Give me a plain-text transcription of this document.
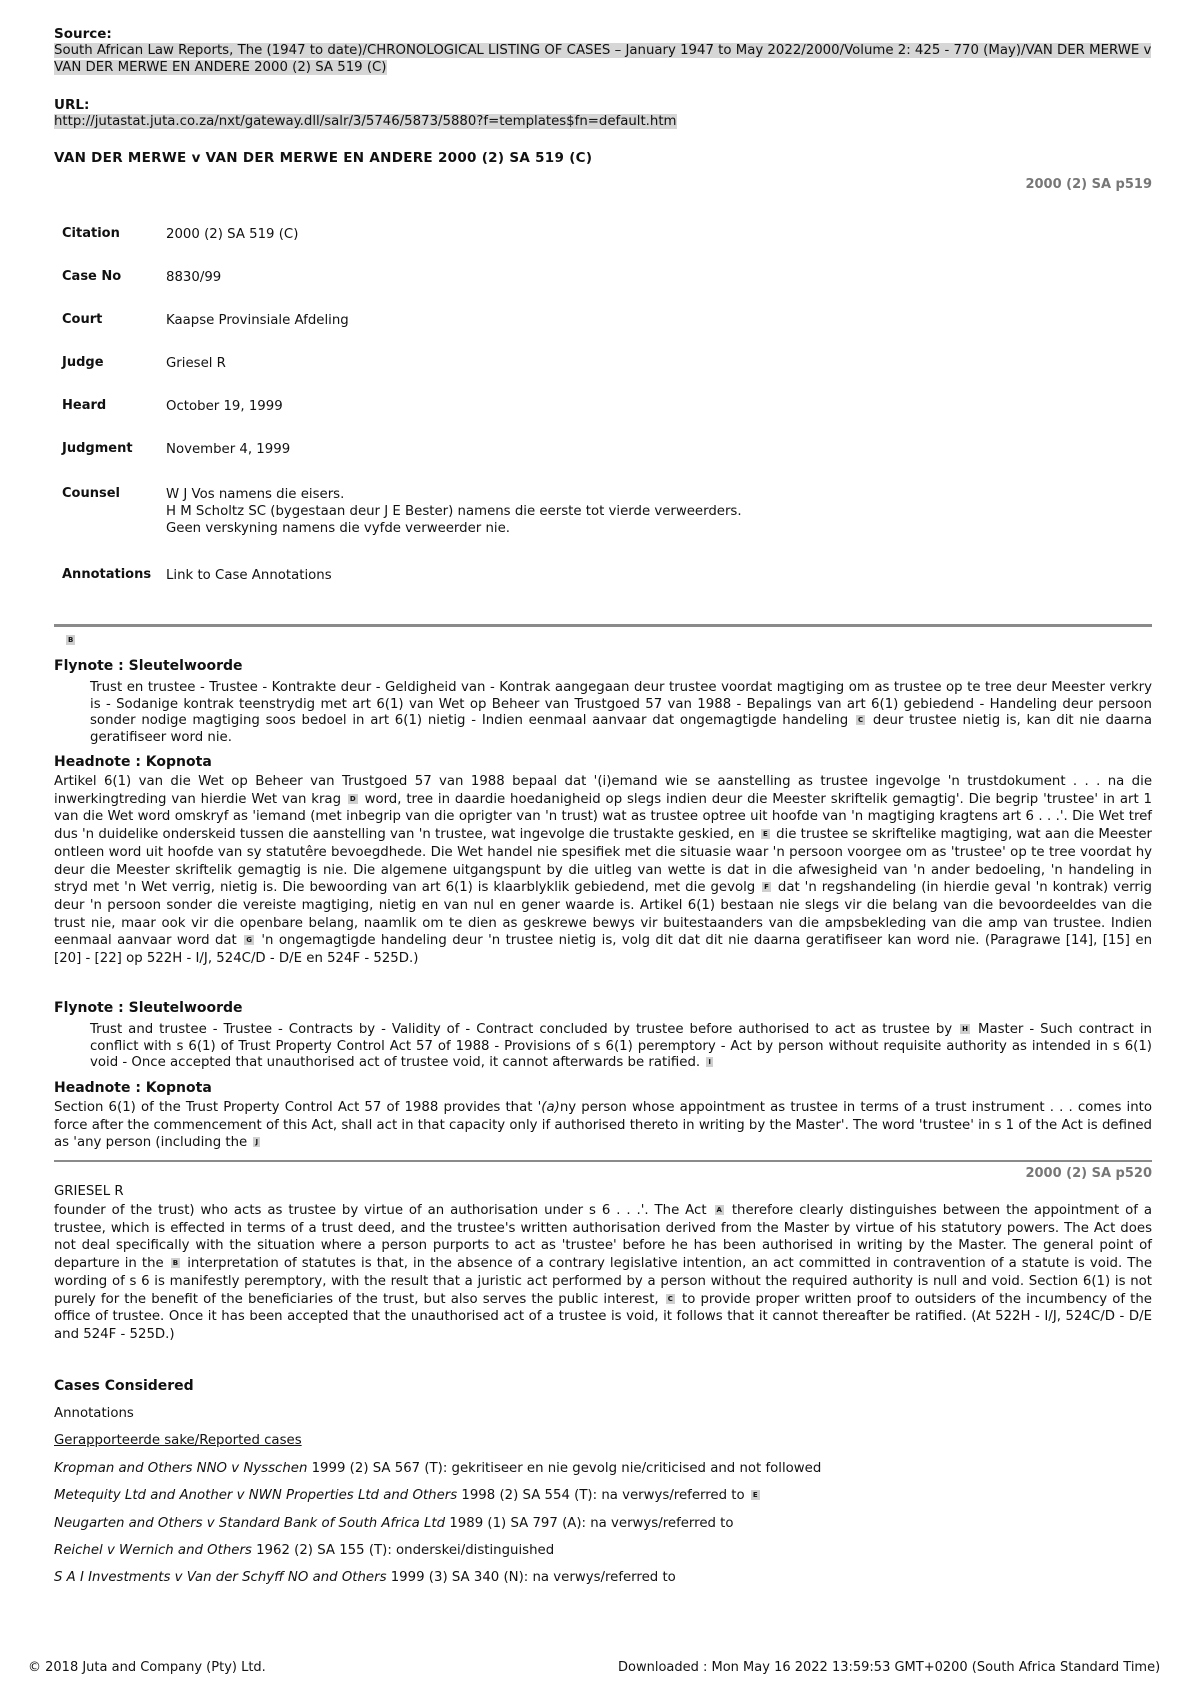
Source:
South African Law Reports, The (1947 to date)/CHRONOLOGICAL LISTING OF CASES – January 1947 to May 2022/2000/Volume 2: 425 - 770 (May)/VAN DER MERWE v VAN DER MERWE EN ANDERE 2000 (2) SA 519 (C)
URL:
http://jutastat.juta.co.za/nxt/gateway.dll/salr/3/5746/5873/5880?f=templates$fn=default.htm
VAN DER MERWE v VAN DER MERWE EN ANDERE 2000 (2) SA 519 (C)
2000 (2) SA p519
Citation	2000 (2) SA 519 (C)
Case No	8830/99
Court	Kaapse Provinsiale Afdeling
Judge	Griesel R
Heard	October 19, 1999
Judgment	November 4, 1999
Counsel	W J Vos namens die eisers.
H M Scholtz SC (bygestaan deur J E Bester) namens die eerste tot vierde verweerders.
Geen verskyning namens die vyfde verweerder nie.
Annotations Link to Case Annotations
B
Flynote : Sleutelwoorde
Trust en trustee - Trustee - Kontrakte deur - Geldigheid van - Kontrak aangegaan deur trustee voordat magtiging om as trustee op te tree deur Meester verkry is - Sodanige kontrak teenstrydig met art 6(1) van Wet op Beheer van Trustgoed 57 van 1988 - Bepalings van art 6(1) gebiedend - Handeling deur persoon sonder nodige magtiging soos bedoel in art 6(1) nietig - Indien eenmaal aanvaar dat ongemagtigde handeling C deur trustee nietig is, kan dit nie daarna geratifiseer word nie.
Headnote : Kopnota
Artikel 6(1) van die Wet op Beheer van Trustgoed 57 van 1988 bepaal dat '(i)emand wie se aanstelling as trustee ingevolge 'n trustdokument . . . na die inwerkingtreding van hierdie Wet van krag D word, tree in daardie hoedanigheid op slegs indien deur die Meester skriftelik gemagtig'. Die begrip 'trustee' in art 1 van die Wet word omskryf as 'iemand (met inbegrip van die oprigter van 'n trust) wat as trustee optree uit hoofde van 'n magtiging kragtens art 6 . . .'. Die Wet tref dus 'n duidelike onderskeid tussen die aanstelling van 'n trustee, wat ingevolge die trustakte geskied, en E die trustee se skriftelike magtiging, wat aan die Meester ontleen word uit hoofde van sy statutêre bevoegdhede. Die Wet handel nie spesifiek met die situasie waar 'n persoon voorgee om as 'trustee' op te tree voordat hy deur die Meester skriftelik gemagtig is nie. Die algemene uitgangspunt by die uitleg van wette is dat in die afwesigheid van 'n ander bedoeling, 'n handeling in stryd met 'n Wet verrig, nietig is. Die bewoording van art 6(1) is klaarblyklik gebiedend, met die gevolg F dat 'n regshandeling (in hierdie geval 'n kontrak) verrig deur 'n persoon sonder die vereiste magtiging, nietig en van nul en gener waarde is. Artikel 6(1) bestaan nie slegs vir die belang van die bevoordeeldes van die trust nie, maar ook vir die openbare belang, naamlik om te dien as geskrewe bewys vir buitestaanders van die ampsbekleding van die amp van trustee. Indien eenmaal aanvaar word dat G 'n ongemagtigde handeling deur 'n trustee nietig is, volg dit dat dit nie daarna geratifiseer kan word nie. (Paragrawe [14], [15] en [20] - [22] op 522H - I/J, 524C/D - D/E en 524F - 525D.)
Flynote : Sleutelwoorde
Trust and trustee - Trustee - Contracts by - Validity of - Contract concluded by trustee before authorised to act as trustee by H Master - Such contract in conflict with s 6(1) of Trust Property Control Act 57 of 1988 - Provisions of s 6(1) peremptory - Act by person without requisite authority as intended in s 6(1) void - Once accepted that unauthorised act of trustee void, it cannot afterwards be ratified. I
Headnote : Kopnota
Section 6(1) of the Trust Property Control Act 57 of 1988 provides that '(a)ny person whose appointment as trustee in terms of a trust instrument . . . comes into force after the commencement of this Act, shall act in that capacity only if authorised thereto in writing by the Master'. The word 'trustee' in s 1 of the Act is defined as 'any person (including the J
2000 (2) SA p520
GRIESEL R
founder of the trust) who acts as trustee by virtue of an authorisation under s 6 . . .'. The Act A therefore clearly distinguishes between the appointment of a trustee, which is effected in terms of a trust deed, and the trustee's written authorisation derived from the Master by virtue of his statutory powers. The Act does not deal specifically with the situation where a person purports to act as 'trustee' before he has been authorised in writing by the Master. The general point of departure in the B interpretation of statutes is that, in the absence of a contrary legislative intention, an act committed in contravention of a statute is void. The wording of s 6 is manifestly peremptory, with the result that a juristic act performed by a person without the required authority is null and void. Section 6(1) is not purely for the benefit of the beneficiaries of the trust, but also serves the public interest, C to provide proper written proof to outsiders of the incumbency of the office of trustee. Once it has been accepted that the unauthorised act of a trustee is void, it follows that it cannot thereafter be ratified. (At 522H - I/J, 524C/D - D/E and 524F - 525D.)
Cases Considered
Annotations
Gerapporteerde sake/Reported cases
Kropman and Others NNO v Nysschen 1999 (2) SA 567 (T): gekritiseer en nie gevolg nie/criticised and not followed
Metequity Ltd and Another v NWN Properties Ltd and Others 1998 (2) SA 554 (T): na verwys/referred to E
Neugarten and Others v Standard Bank of South Africa Ltd 1989 (1) SA 797 (A): na verwys/referred to
Reichel v Wernich and Others 1962 (2) SA 155 (T): onderskei/distinguished
S A I Investments v Van der Schyff NO and Others 1999 (3) SA 340 (N): na verwys/referred to
© 2018 Juta and Company (Pty) Ltd.	Downloaded : Mon May 16 2022 13:59:53 GMT+0200 (South Africa Standard Time)
